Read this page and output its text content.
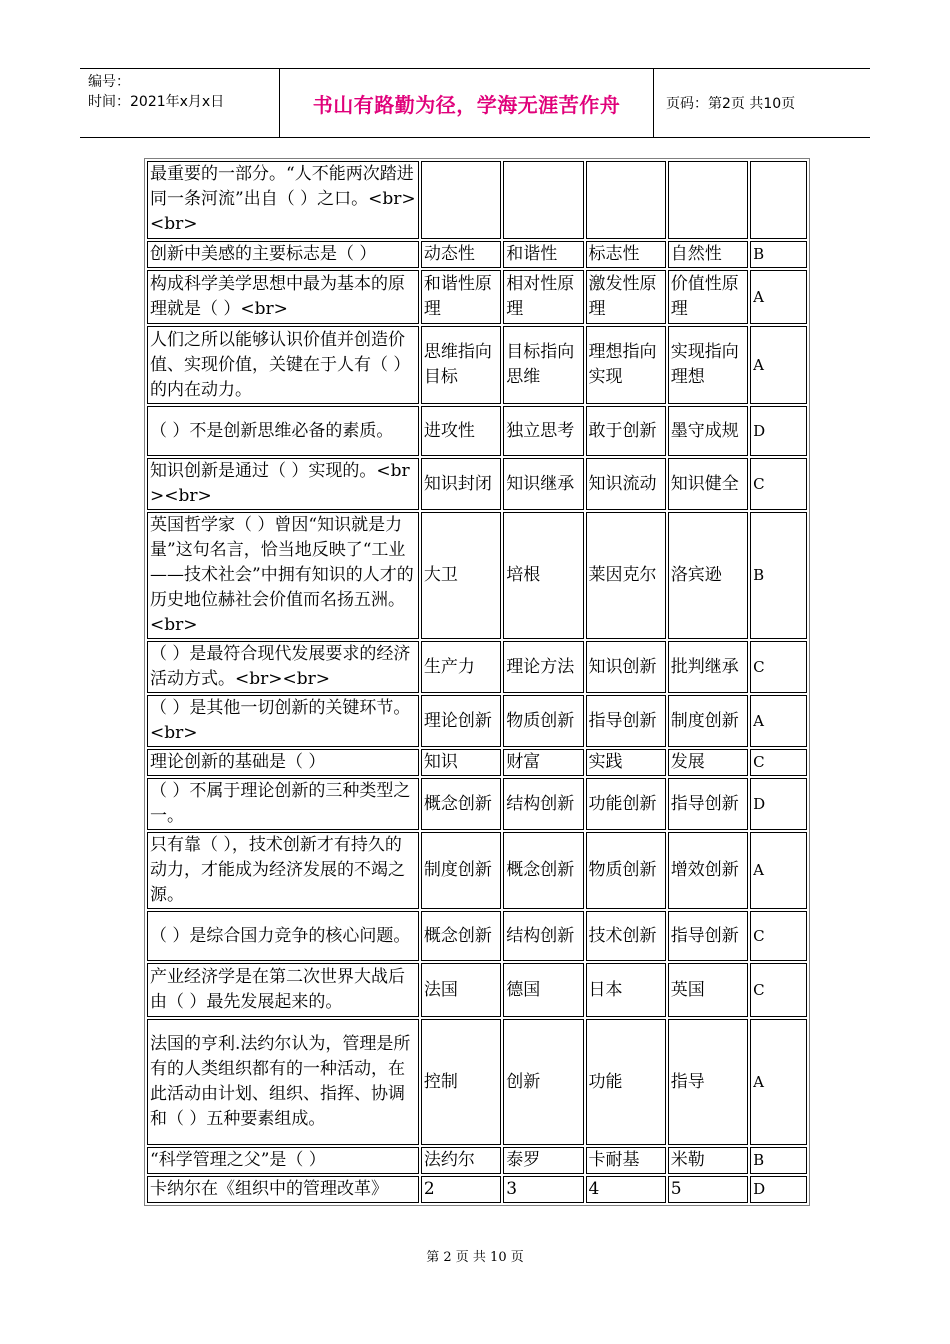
编号：
时间：2021年x月x日	书山有路勤为径，学海无涯苦作舟	页码：第2页 共10页
最重要的一部分。“人不能两次踏进同一条河流”出自（ ）之口。<br><br>					
创新中美感的主要标志是（ ）	动态性	和谐性	标志性	自然性	B
构成科学美学思想中最为基本的原理就是（ ）<br>	和谐性原理	相对性原理	激发性原理	价值性原理	A
人们之所以能够认识价值并创造价值、实现价值，关键在于人有（ ）的内在动力。	思维指向目标	目标指向思维	理想指向实现	实现指向理想	A
（ ）不是创新思维必备的素质。	进攻性	独立思考	敢于创新	墨守成规	D
知识创新是通过（ ）实现的。<br><br>	知识封闭	知识继承	知识流动	知识健全	C
英国哲学家（ ）曾因“知识就是力量”这句名言，恰当地反映了“工业——技术社会”中拥有知识的人才的历史地位赫社会价值而名扬五洲。<br>	大卫	培根	莱因克尔	洛宾逊	B
（ ）是最符合现代发展要求的经济活动方式。<br><br>	生产力	理论方法	知识创新	批判继承	C
（ ）是其他一切创新的关键环节。<br>	理论创新	物质创新	指导创新	制度创新	A
理论创新的基础是（ ）	知识	财富	实践	发展	C
（ ）不属于理论创新的三种类型之一。	概念创新	结构创新	功能创新	指导创新	D
只有靠（ ），技术创新才有持久的动力，才能成为经济发展的不竭之源。	制度创新	概念创新	物质创新	增效创新	A
（ ）是综合国力竞争的核心问题。	概念创新	结构创新	技术创新	指导创新	C
产业经济学是在第二次世界大战后由（ ）最先发展起来的。	法国	德国	日本	英国	C
法国的亨利.法约尔认为，管理是所有的人类组织都有的一种活动，在此活动由计划、组织、指挥、协调和（ ）五种要素组成。	控制	创新	功能	指导	A
“科学管理之父”是（ ）	法约尔	泰罗	卡耐基	米勒	B
卡纳尔在《组织中的管理改革》	2	3	4	5	D
第 2 页 共 10 页
